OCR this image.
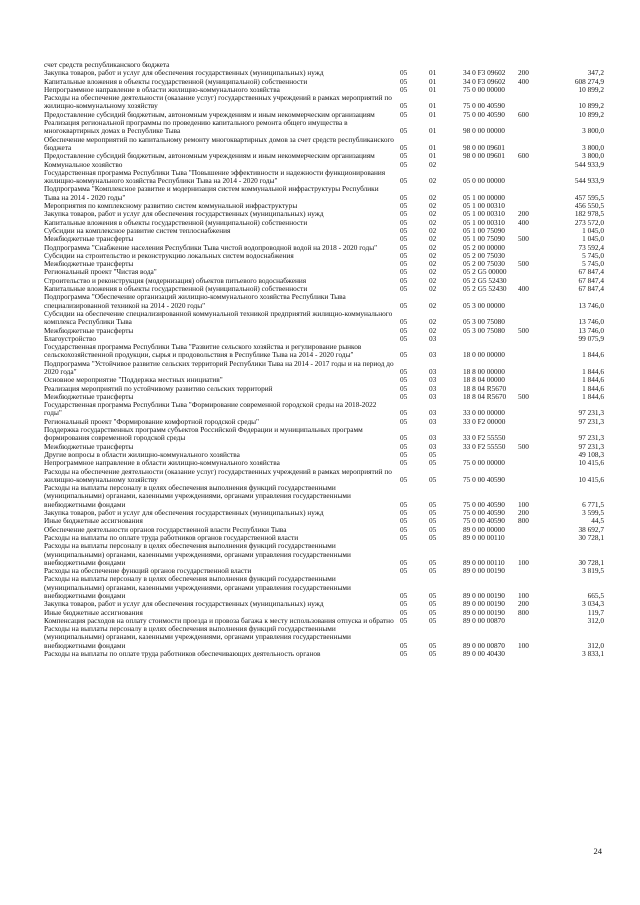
счет средств республиканского бюджета
Закупка товаров, работ и услуг для обеспечения государственных (муниципальных) нужд	05	01	34 0 F3 09602 200	347,2
Капитальные вложения в объекты государственной (муниципальной) собственности	05	01	34 0 F3 09602 400	608 274,9
Непрограммное направление в области жилищно-коммунального хозяйства	05	01	75 0 00 00000	10 899,2
Расходы на обеспечение деятельности (оказание услуг) государственных учреждений в рамках мероприятий по жилищно-коммунальному хозяйству	05	01	75 0 00 40590	10 899,2
Предоставление субсидий бюджетным, автономным учреждениям и иным некоммерческим организациям	05	01	75 0 00 40590 600	10 899,2
Реализация региональной программы по проведению капитального ремонта общего имущества в многоквартирных домах в Республике Тыва	05	01	98 0 00 00000	3 800,0
Обеспечение мероприятий по капитальному ремонту многоквартирных домов за счет средств республиканского бюджета	05	01	98 0 00 09601	3 800,0
Предоставление субсидий бюджетным, автономным учреждениям и иным некоммерческим организациям	05	01	98 0 00 09601 600	3 800,0
Коммунальное хозяйство	05	02	544 933,9
Государственная программа Республики Тыва "Повышение эффективности и надежности функционирования жилищно-коммунального хозяйства Республики Тыва на 2014 - 2020 годы"	05	02	05 0 00 00000	544 933,9
Подпрограмма "Комплексное развитие и модернизация систем коммунальной инфраструктуры Республики Тыва на 2014 - 2020 годы"	05	02	05 1 00 00000	457 595,5
Мероприятия по комплексному развитию систем коммунальной инфраструктуры	05	02	05 1 00 00310	456 550,5
Закупка товаров, работ и услуг для обеспечения государственных (муниципальных) нужд	05	02	05 1 00 00310 200	182 978,5
Капитальные вложения в объекты государственной (муниципальной) собственности	05	02	05 1 00 00310 400	273 572,0
Субсидии на комплексное развитие систем теплоснабжения	05	02	05 1 00 75090	1 045,0
Межбюджетные трансферты	05	02	05 1 00 75090 500	1 045,0
Подпрограмма "Снабжение населения Республики Тыва чистой водопроводной водой на 2018 - 2020 годы"	05	02	05 2 00 00000	73 592,4
Субсидии на строительство и реконструкцию локальных систем водоснабжения	05	02	05 2 00 75030	5 745,0
Межбюджетные трансферты	05	02	05 2 00 75030 500	5 745,0
Региональный проект "Чистая вода"	05	02	05 2 G5 00000	67 847,4
Строительство и реконструкция (модернизация) объектов питьевого водоснабжения	05	02	05 2 G5 52430	67 847,4
Капитальные вложения в объекты государственной (муниципальной) собственности	05	02	05 2 G5 52430 400	67 847,4
Подпрограмма "Обеспечение организаций жилищно-коммунального хозяйства Республики Тыва специализированной техникой на 2014 - 2020 годы"	05	02	05 3 00 00000	13 746,0
Субсидии на обеспечение специализированной коммунальной техникой предприятий жилищно-коммунального комплекса Республики Тыва	05	02	05 3 00 75080	13 746,0
Межбюджетные трансферты	05	02	05 3 00 75080 500	13 746,0
Благоустройство	05	03	99 075,9
Государственная программа Республики Тыва "Развитие сельского хозяйства и регулирование рынков сельскохозяйственной продукции, сырья и продовольствия в Республике Тыва на 2014 - 2020 годы"	05	03	18 0 00 00000	1 844,6
Подпрограмма "Устойчивое развитие сельских территорий Республики Тыва на 2014 - 2017 годы и на период до 2020 года"	05	03	18 8 00 00000	1 844,6
Основное мероприятие "Поддержка местных инициатив"	05	03	18 8 04 00000	1 844,6
Реализация мероприятий по устойчивому развитию сельских территорий	05	03	18 8 04 R5670	1 844,6
Межбюджетные трансферты	05	03	18 8 04 R5670 500	1 844,6
Государственная программа Республики Тыва "Формирование современной городской среды на 2018-2022 годы"	05	03	33 0 00 00000	97 231,3
Региональный проект "Формирование комфортной городской среды"	05	03	33 0 F2 00000	97 231,3
Поддержка государственных программ субъектов Российской Федерации и муниципальных программ формирования современной городской среды	05	03	33 0 F2 55550	97 231,3
Межбюджетные трансферты	05	03	33 0 F2 55550 500	97 231,3
Другие вопросы в области жилищно-коммунального хозяйства	05	05	49 108,3
Непрограммное направление в области жилищно-коммунального хозяйства	05	05	75 0 00 00000	10 415,6
Расходы на обеспечение деятельности (оказание услуг) государственных учреждений в рамках мероприятий по жилищно-коммунальному хозяйству	05	05	75 0 00 40590	10 415,6
Расходы на выплаты персоналу в целях обеспечения выполнения функций государственными (муниципальными) органами, казенными учреждениями, органами управления государственными внебюджетными фондами	05	05	75 0 00 40590 100	6 771,5
Закупка товаров, работ и услуг для обеспечения государственных (муниципальных) нужд	05	05	75 0 00 40590 200	3 599,5
Иные бюджетные ассигнования	05	05	75 0 00 40590 800	44,5
Обеспечение деятельности органов государственной власти Республики Тыва	05	05	89 0 00 00000	38 692,7
Расходы на выплаты по оплате труда работников органов государственной власти	05	05	89 0 00 00110	30 728,1
Расходы на выплаты персоналу в целях обеспечения выполнения функций государственными (муниципальными) органами, казенными учреждениями, органами управления государственными внебюджетными фондами	05	05	89 0 00 00110 100	30 728,1
Расходы на обеспечение функций органов государственной власти	05	05	89 0 00 00190	3 819,5
Расходы на выплаты персоналу в целях обеспечения выполнения функций государственными (муниципальными) органами, казенными учреждениями, органами управления государственными внебюджетными фондами	05	05	89 0 00 00190 100	665,5
Закупка товаров, работ и услуг для обеспечения государственных (муниципальных) нужд	05	05	89 0 00 00190 200	3 034,3
Иные бюджетные ассигнования	05	05	89 0 00 00190 800	119,7
Компенсация расходов на оплату стоимости проезда и провоза багажа к месту использования отпуска и обратно 05	05	89 0 00 00870	312,0
Расходы на выплаты персоналу в целях обеспечения выполнения функций государственными (муниципальными) органами, казенными учреждениями, органами управления государственными внебюджетными фондами	05	05	89 0 00 00870 100	312,0
Расходы на выплаты по оплате труда работников обеспечивающих деятельность органов	05	05	89 0 00 40430	3 833,1
24
